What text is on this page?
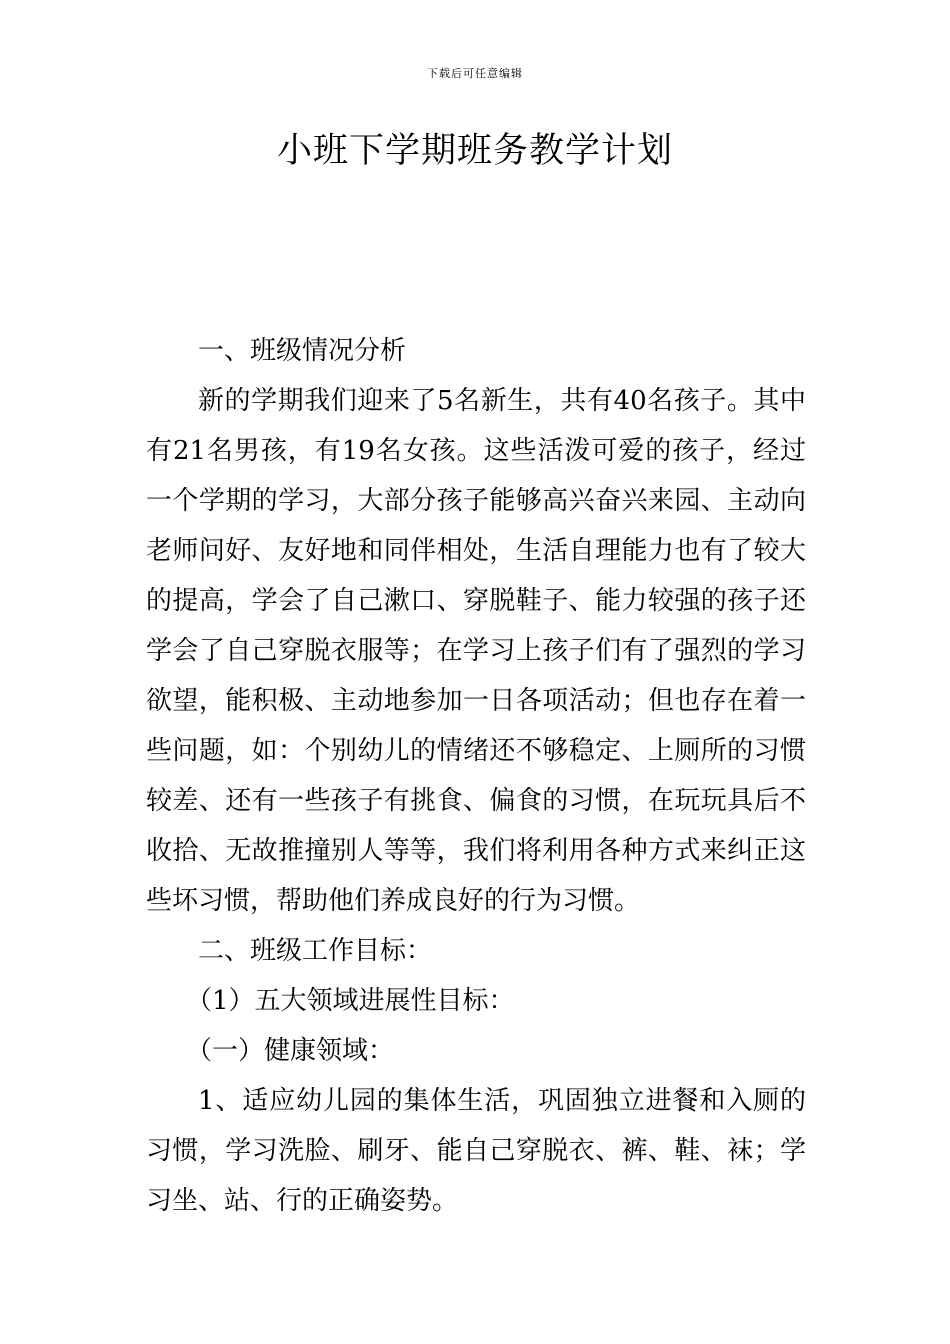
下载后可任意编辑
小班下学期班务教学计划

一、班级情况分析

新的学期我们迎来了5名新生，共有40名孩子。其中有21名男孩，有19名女孩。这些活泼可爱的孩子，经过一个学期的学习，大部分孩子能够高兴奋兴来园、主动向老师问好、友好地和同伴相处，生活自理能力也有了较大的提高，学会了自己漱口、穿脱鞋子、能力较强的孩子还学会了自己穿脱衣服等；在学习上孩子们有了强烈的学习欲望，能积极、主动地参加一日各项活动；但也存在着一些问题，如：个别幼儿的情绪还不够稳定、上厕所的习惯较差、还有一些孩子有挑食、偏食的习惯，在玩玩具后不收拾、无故推撞别人等等，我们将利用各种方式来纠正这些坏习惯，帮助他们养成良好的行为习惯。

二、班级工作目标：

（1）五大领域进展性目标：

（一）健康领域：

1、适应幼儿园的集体生活，巩固独立进餐和入厕的习惯，学习洗脸、刷牙、能自己穿脱衣、裤、鞋、袜；学习坐、站、行的正确姿势。
